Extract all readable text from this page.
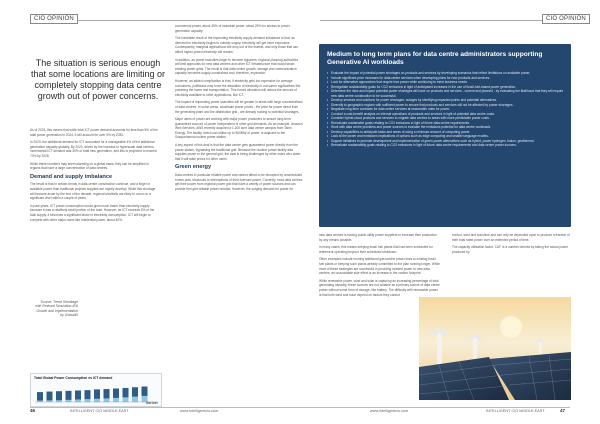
CIO OPINION
The situation is serious enough that some locations are limiting or completely stopping data centre growth out of power concerns.

As of 2024, this means that while total ICT power demand accounts for less than 5% of the total power generation in 2024, it will account for over 9% by 2030.

In 2023, the additional demand for ICT accounted for a manageable 4% of the additional generation capacity globally. By 2023, driven by the increase in hyperscale data centres, incremental ICT demand was 30% of total new generation, and this is projected to exceed 70% by 2028.

While these numbers may seem alarming on a global basis, they can be amplified in regions that have a large concentration of data centres.

Demand and supply imbalance

The result is that in certain trends in data centre construction continue, and a linger in available power than traditional projects supplies are rapidly develop. While this shortage will become acute by the end of the decade, regional shortfalls are likely to occur on a significant level within a couple of years.

In past years, ICT power consumption would grow much faster than electricity supply because it was a relatively small portion of the total. However, as ICT exceeds 5% of the total supply, it becomes a significant factor in electricity consumption. ICT will begin to compete with other major users like residential power, about 40%.

Source: Trend Shrinkage with Revised Simulation-IEA Growth and Implementation by GlobalID
Total Global Power Consumption vs ICT demand
Gartner

commercial power, about 35% of industrial power, about 25% for access to power generation capacity.

The inevitable result of the impending electricity supply-demand imbalance is that, as demand for electricity begins to outstrip supply, electricity will get more expensive. Consequently, marginal applications will drop out of the market, and only those that can afford higher-priced electricity will remain.

In addition, as power scarcities begin to become apparent, regional planning authorities will limit approvals for new data centres and other ICT infrastructure that would strain existing power grids. The result is that data centre growth, storage and communication capacity becomes supply-constrained and, therefore, expensive.

However, an added complication is that, if electricity gets too expensive for average consumers, politicians may force the allocation of electricity to consumer applications like powering the home and transportation. This forced allocation will reduce the amount of electricity available to other applications, like ICT.

The impact of impending power scarcities will be greater in areas with large concentrations of data centres. In some areas, wholesale power prices - the price for power direct from the generating plant and the distribution grid - are already rocking to potential shortages.

Major users of power are working with major power producers to secure long-term guaranteed sources of power independent of other grid demands. As an example, Amazon Web Services, AWS recently acquired a 1,200 acre data centre campus from Talen Energy. The facility, which can utilise up to 960MW of power, is adjacent to the Susquehanna nuclear power station.

A key aspect of this deal is that the data centre gets guaranteed power directly from the power station, bypassing the traditional grid. Because the nuclear power facility also supplies power to the general grid, the deal is being challenged by other users who claim that it will raise prices for other users.

Green energy

Data centres in particular reliable power and cannot afford to be disrupted by unscheduled brown-outs, blackouts or interruptions of their licensed power. Currently, most data centres get their power from regional power grid that have a variety of power sources and can provide firm grid-reliable power needed. However, the surging demand for power for

46	INTELLIGENT CIO MIDDLE EAST	www.intelligentcio.com
CIO OPINION
Medium to long term plans for data centre administrators supporting Generative AI workloads
• Evaluate the impact of potential power shortages on products and services by developing scenarios that reflect limitations on available power.
• Include significant price increases for data centre services when developing plans for new products and services.
• Look for alternative approaches that require less power while continuing to meet business needs.
• Renegotiate sustainability goals for CO2 emissions in light of anticipated increases in the use of fossil-fuel-based power generation.
• Determine the risks and impact potential power shortages will have on products and services - current and planned - by evaluating the likelihood that they will require new data centre construction to be successful.
• Develop services and solutions for power shortages: outages by identifying impacted points and potential alternatives.
• Diversify to geographic regions with sufficient power to ensure that products and services will not be affected by power shortages.
• Negotiate long-term contracts for data centre services at reasonable rates for power.
• Conduct a cost-benefit analysis on internal operations of products and services in light of potential data centre costs.
• Consider hybrid-cloud products and services to migrate data centres to areas with more predictable power costs.
• Reevaluate sustainable goals relating to CO2 emissions in light of future data centre requirements.
• Work with data centre providers and power sources to evaluate the emissions potential for data centre workloads.
• Develop capabilities to anticipate tasks and areas of using a minimum amount of computing power.
• Look at the power and emissions implications of options such as edge computing and smaller language models.
• Support initiatives to promote development and implementation of green power alternatives such as hybrid, power hydrogen, fusion, geothermal.
• Reevaluate sustainability goals relating to CO2 emissions in light of future data centre requirements and data centre power sources.

new data centres is forcing public utility power suppliers to increase their production by any means possible.

In many cases, this means keeping fossil fuel plants that had been scheduled for retirement operating beyond their scheduled shutdown.

Other examples include running additional gas turbine power lines to existing fossil fuel plants or keeping such plants already committed to the plan running longer. While most of these strategies are successful in providing needed power to new data centres, an unavoidable side effect is an increase in the carbon footprint.

While renewable power, wind and solar is capturing an increasing percentage of total generating capacity, these sources are not suitable as a primary source of data centre power without some form of storage, like battery. The difficulty with renewable power is that both wind and solar depend on factors they cannot

control, wind and sunshine and can only be depended upon to produce a fraction of their total rated power over an extended period of time.

The capacity utilisation factor, CUF is a number derived by taking the actual power produced by

www.intelligentcio.com	INTELLIGENT CIO MIDDLE EAST	47
